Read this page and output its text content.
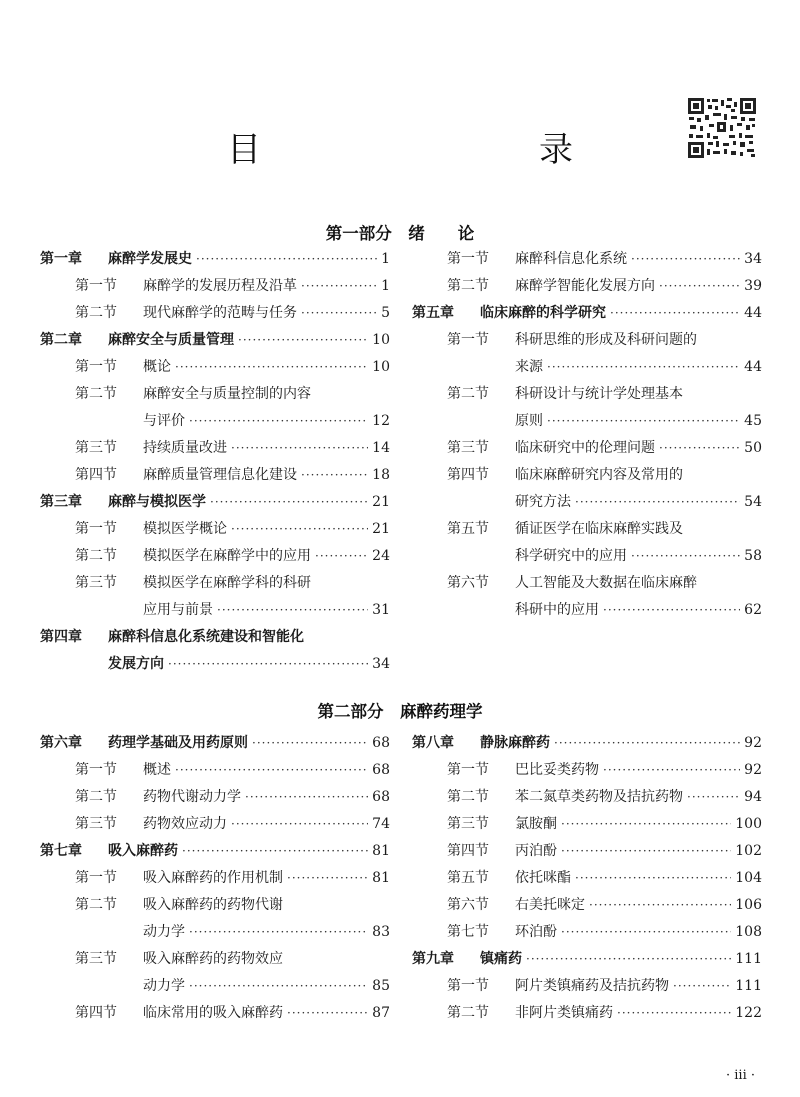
目　　录
第一部分　绪　　论
第一章	麻醉学发展史 ·····	1
第一节	麻醉学的发展历程及沿革 ·····	1
第二节	现代麻醉学的范畴与任务 ·····	5
第二章	麻醉安全与质量管理 ·····	10
第一节	概论 ·····	10
第二节	麻醉安全与质量控制的内容
与评价 ·····	12
第三节	持续质量改进 ·····	14
第四节	麻醉质量管理信息化建设 ·····	18
第三章	麻醉与模拟医学 ·····	21
第一节	模拟医学概论 ·····	21
第二节	模拟医学在麻醉学中的应用 ·····	24
第三节	模拟医学在麻醉学科的科研
应用与前景 ·····	31
第四章	麻醉科信息化系统建设和智能化
发展方向 ·····	34
第一节	麻醉科信息化系统 ·····	34
第二节	麻醉学智能化发展方向 ·····	39
第五章	临床麻醉的科学研究 ·····	44
第一节	科研思维的形成及科研问题的
来源 ·····	44
第二节	科研设计与统计学处理基本
原则 ·····	45
第三节	临床研究中的伦理问题 ·····	50
第四节	临床麻醉研究内容及常用的
研究方法 ·····	54
第五节	循证医学在临床麻醉实践及
科学研究中的应用 ·····	58
第六节	人工智能及大数据在临床麻醉
科研中的应用 ·····	62
第二部分　麻醉药理学
第六章	药理学基础及用药原则 ·····	68
第一节	概述 ·····	68
第二节	药物代谢动力学 ·····	68
第三节	药物效应动力 ·····	74
第七章	吸入麻醉药 ·····	81
第一节	吸入麻醉药的作用机制 ·····	81
第二节	吸入麻醉药的药物代谢
动力学 ·····	83
第三节	吸入麻醉药的药物效应
动力学 ·····	85
第四节	临床常用的吸入麻醉药 ·····	87
第八章	静脉麻醉药 ·····	92
第一节	巴比妥类药物 ·····	92
第二节	苯二氮草类药物及拮抗药物 ·····	94
第三节	氯胺酮 ·····	100
第四节	丙泊酚 ·····	102
第五节	依托咪酯 ·····	104
第六节	右美托咪定 ·····	106
第七节	环泊酚 ·····	108
第九章	镇痛药 ·····	111
第一节	阿片类镇痛药及拮抗药物 ·····	111
第二节	非阿片类镇痛药 ·····	122
· iii ·
